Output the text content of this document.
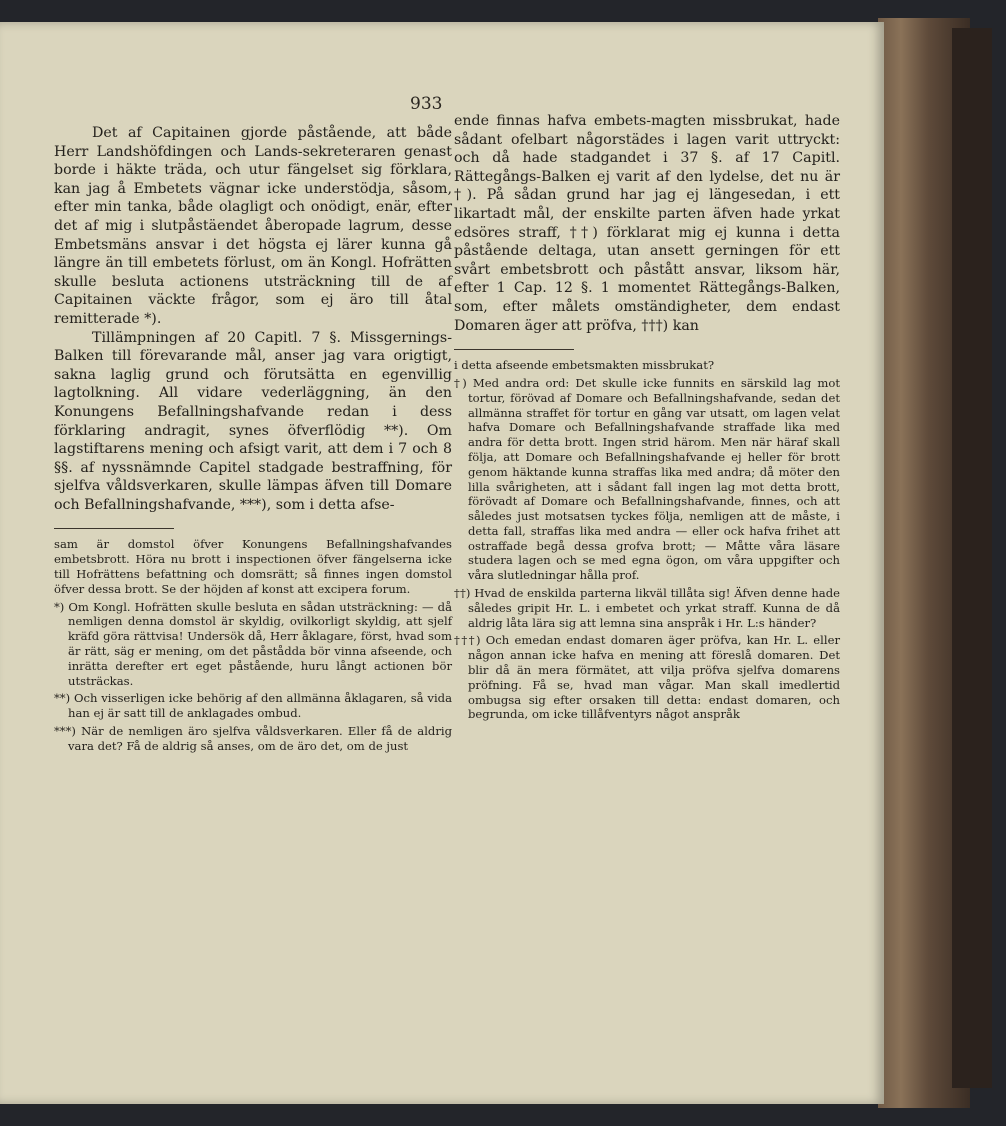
933

Det af Capitainen gjorde påstående, att både Herr Landshöfdingen och Lands-sekreteraren genast borde i häkte träda, och utur fängelset sig förklara, kan jag å Embetets vägnar icke understödja, såsom, efter min tanka, både olagligt och onödigt, enär, efter det af mig i slutpåstäendet åberopade lagrum, desse Embetsmäns ansvar i det högsta ej lärer kunna gå längre än till embetets förlust, om än Kongl. Hofrätten skulle besluta actionens utsträckning till de af Capitainen väckte frågor, som ej äro till åtal remitterade *).

Tillämpningen af 20 Capitl. 7 §. Missgernings-Balken till förevarande mål, anser jag vara origtigt, sakna laglig grund och förutsätta en egenvillig lagtolkning. All vidare vederläggning, än den Konungens Befallningshafvande redan i dess förklaring andragit, synes öfverflödig **). Om lagstiftarens mening och afsigt varit, att dem i 7 och 8 §§. af nyssnämnde Capitel stadgade bestraffning, för sjelfva våldsverkaren, skulle lämpas äfven till Domare och Befallningshafvande, ***), som i detta afse-

sam är domstol öfver Konungens Befallningshafvandes embetsbrott. Höra nu brott i inspectionen öfver fängelserna icke till Hofrättens befattning och domsrätt; så finnes ingen domstol öfver dessa brott. Se der höjden af konst att excipera forum.

*) Om Kongl. Hofrätten skulle besluta en sådan utsträckning: — då nemligen denna domstol är skyldig, ovilkorligt skyldig, att sjelf kräfd göra rättvisa! Undersök då, Herr åklagare, först, hvad som är rätt, säg er mening, om det påstådda bör vinna afseende, och inrätta derefter ert eget påstående, huru långt actionen bör utsträckas.

**) Och visserligen icke behörig af den allmänna åklagaren, så vida han ej är satt till de anklagades ombud.

***) När de nemligen äro sjelfva våldsverkaren. Eller få de aldrig vara det? Få de aldrig så anses, om de äro det, om de just

ende finnas hafva embets-magten missbrukat, hade sådant ofelbart någorstädes i lagen varit uttryckt: och då hade stadgandet i 37 §. af 17 Capitl. Rättegångs-Balken ej varit af den lydelse, det nu är †). På sådan grund har jag ej längesedan, i ett likartadt mål, der enskilte parten äfven hade yrkat edsöres straff, ††) förklarat mig ej kunna i detta påstående deltaga, utan ansett gerningen för ett svårt embetsbrott och påstått ansvar, liksom här, efter 1 Cap. 12 §. 1 momentet Rättegångs-Balken, som, efter målets omständigheter, dem endast Domaren äger att pröfva, †††) kan

i detta afseende embetsmakten missbrukat?

†) Med andra ord: Det skulle icke funnits en särskild lag mot tortur, förövad af Domare och Befallningshafvande, sedan det allmänna straffet för tortur en gång var utsatt, om lagen velat hafva Domare och Befallningshafvande straffade lika med andra för detta brott. Ingen strid härom. Men när häraf skall följa, att Domare och Befallningshafvande ej heller för brott genom häktande kunna straffas lika med andra; då möter den lilla svårigheten, att i sådant fall ingen lag mot detta brott, förövadt af Domare och Befallningshafvande, finnes, och att således just motsatsen tyckes följa, nemligen att de måste, i detta fall, straffas lika med andra — eller ock hafva frihet att ostraffade begå dessa grofva brott; — Måtte våra läsare studera lagen och se med egna ögon, om våra uppgifter och våra slutledningar hålla prof.

††) Hvad de enskilda parterna likväl tillåta sig! Äfven denne hade således gripit Hr. L. i embetet och yrkat straff. Kunna de då aldrig låta lära sig att lemna sina anspråk i Hr. L:s händer?

†††) Och emedan endast domaren äger pröfva, kan Hr. L. eller någon annan icke hafva en mening att föreslå domaren. Det blir då än mera förmätet, att vilja pröfva sjelfva domarens pröfning. Få se, hvad man vågar. Man skall imedlertid ombugsa sig efter orsaken till detta: endast domaren, och begrunda, om icke tillåfventyrs något anspråk
